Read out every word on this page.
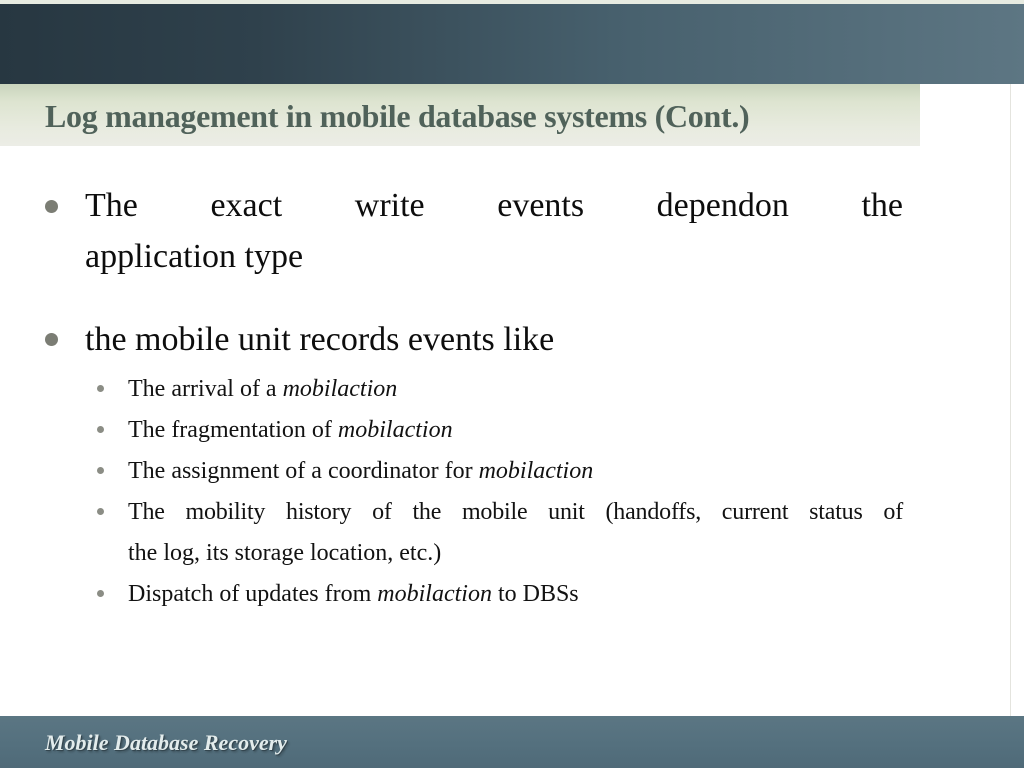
Log management in mobile database systems (Cont.)
The exact write events dependon the
application type
the mobile unit records events like
The arrival of a mobilaction
The fragmentation of mobilaction
The assignment of a coordinator for mobilaction
The mobility history of the mobile unit (handoffs, current status of
the log, its storage location, etc.)
Dispatch of updates from mobilaction to DBSs
Mobile Database Recovery
